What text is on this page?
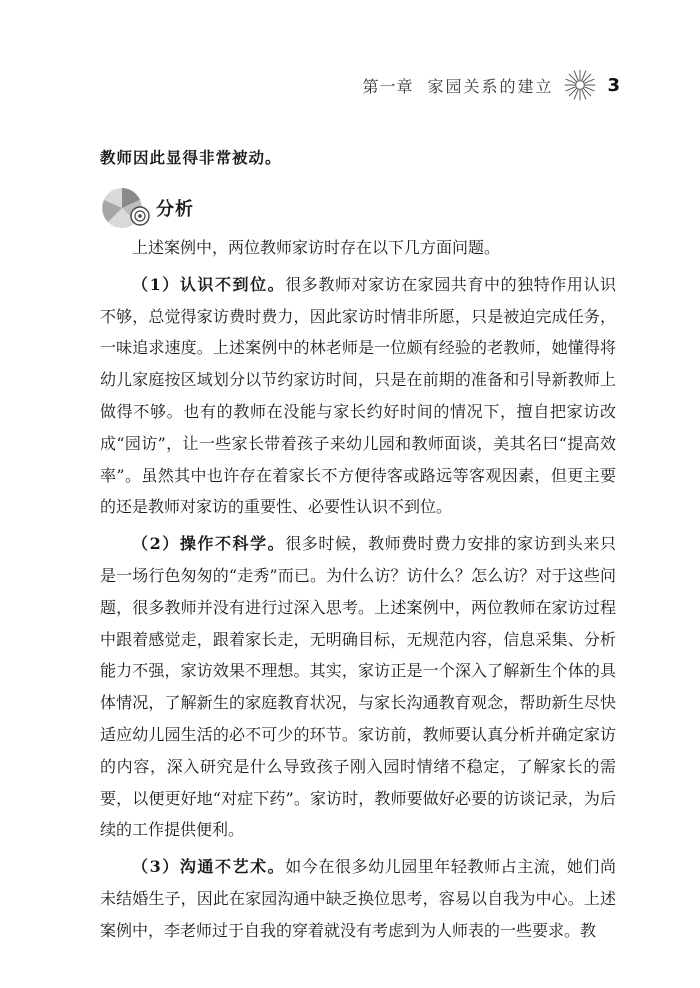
第一章 家园关系的建立	3
教师因此显得非常被动。
分析

上述案例中，两位教师家访时存在以下几方面问题。

（1）认识不到位。很多教师对家访在家园共育中的独特作用认识不够，总觉得家访费时费力，因此家访时情非所愿，只是被迫完成任务，一味追求速度。上述案例中的林老师是一位颇有经验的老教师，她懂得将幼儿家庭按区域划分以节约家访时间，只是在前期的准备和引导新教师上做得不够。也有的教师在没能与家长约好时间的情况下，擅自把家访改成“园访”，让一些家长带着孩子来幼儿园和教师面谈，美其名曰“提高效率”。虽然其中也许存在着家长不方便待客或路远等客观因素，但更主要的还是教师对家访的重要性、必要性认识不到位。

（2）操作不科学。很多时候，教师费时费力安排的家访到头来只是一场行色匆匆的“走秀”而已。为什么访？访什么？怎么访？对于这些问题，很多教师并没有进行过深入思考。上述案例中，两位教师在家访过程中跟着感觉走，跟着家长走，无明确目标，无规范内容，信息采集、分析能力不强，家访效果不理想。其实，家访正是一个深入了解新生个体的具体情况，了解新生的家庭教育状况，与家长沟通教育观念，帮助新生尽快适应幼儿园生活的必不可少的环节。家访前，教师要认真分析并确定家访的内容，深入研究是什么导致孩子刚入园时情绪不稳定，了解家长的需要，以便更好地“对症下药”。家访时，教师要做好必要的访谈记录，为后续的工作提供便利。

（3）沟通不艺术。如今在很多幼儿园里年轻教师占主流，她们尚未结婚生子，因此在家园沟通中缺乏换位思考，容易以自我为中心。上述案例中，李老师过于自我的穿着就没有考虑到为人师表的一些要求。教
